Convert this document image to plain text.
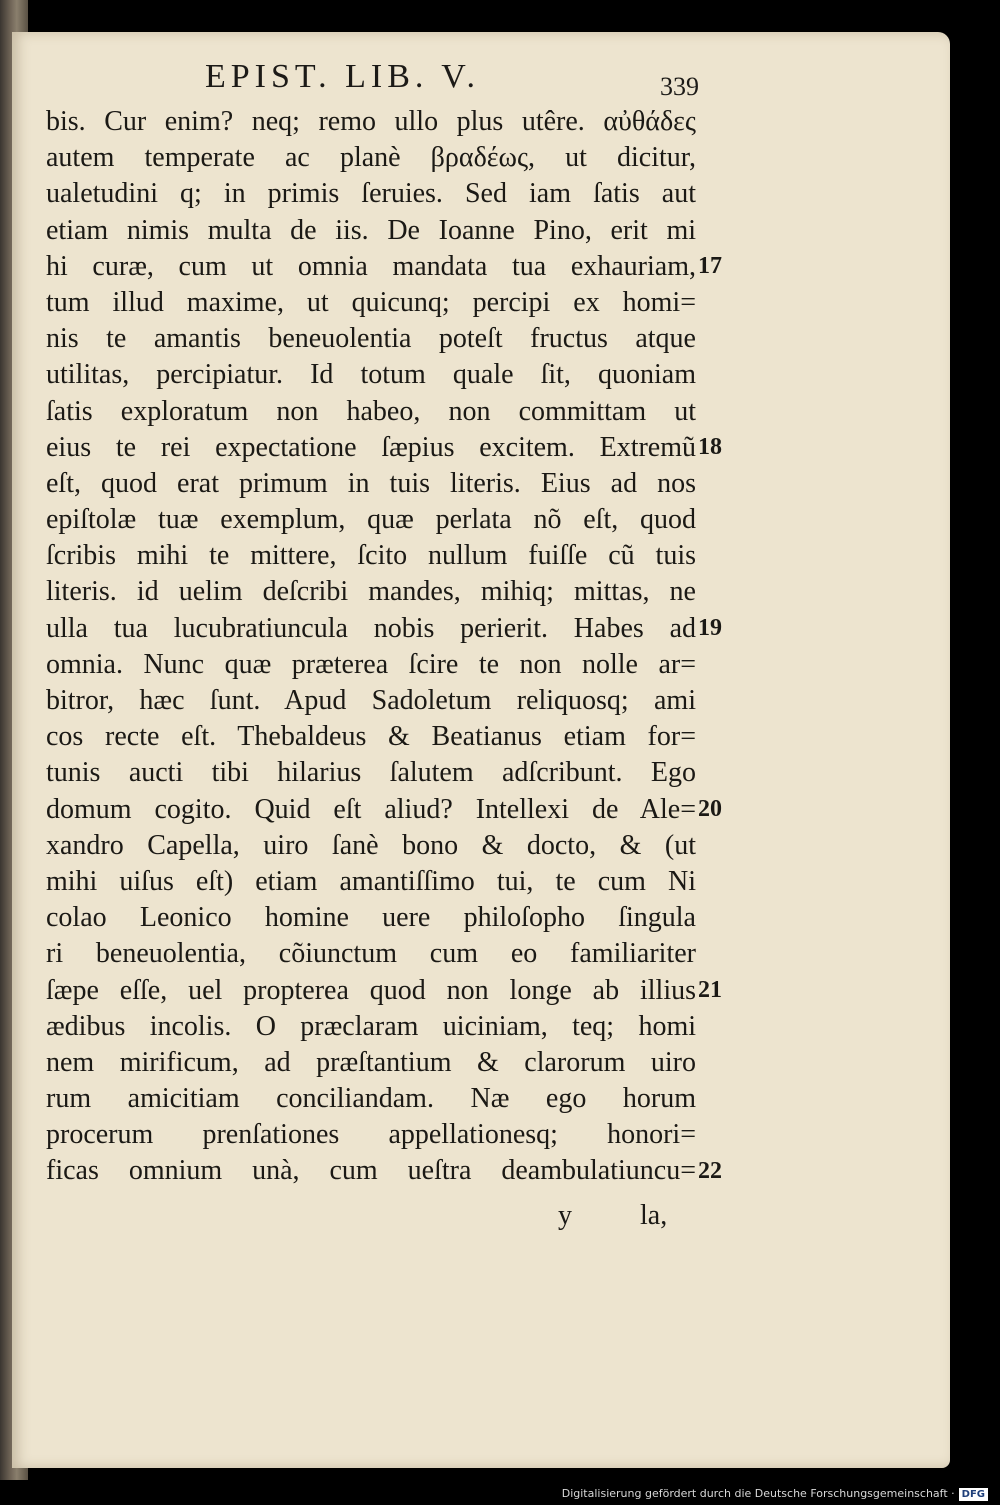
EPIST. LIB. V.	339
bis. Cur enim? neq; remo ullo plus utêre. αὐθάδες
autem temperate ac planè βραδέως, ut dicitur,
ualetudini q; in primis ſeruies. Sed iam ſatis aut
etiam nimis multa de iis. De Ioanne Pino, erit mi
hi curæ, cum ut omnia mandata tua exhauriam,
tum illud maxime, ut quicunq; percipi ex homi=
nis te amantis beneuolentia poteſt fructus atque
utilitas, percipiatur. Id totum quale ſit, quoniam
ſatis exploratum non habeo, non committam ut
eius te rei expectatione ſæpius excitem. Extremũ
eſt, quod erat primum in tuis literis. Eius ad nos
epiſtolæ tuæ exemplum, quæ perlata nõ eſt, quod
ſcribis mihi te mittere, ſcito nullum fuiſſe cũ tuis
literis. id uelim deſcribi mandes, mihiq; mittas, ne
ulla tua lucubratiuncula nobis perierit. Habes ad
omnia. Nunc quæ præterea ſcire te non nolle ar=
bitror, hæc ſunt. Apud Sadoletum reliquosq; ami
cos recte eſt. Thebaldeus & Beatianus etiam for=
tunis aucti tibi hilarius ſalutem adſcribunt. Ego
domum cogito. Quid eſt aliud? Intellexi de Ale=
xandro Capella, uiro ſanè bono & docto, & (ut
mihi uiſus eſt) etiam amantiſſimo tui, te cum Ni
colao Leonico homine uere philoſopho ſingula
ri beneuolentia, cõiunctum cum eo familiariter
ſæpe eſſe, uel propterea quod non longe ab illius
ædibus incolis. O præclaram uiciniam, teq; homi
nem mirificum, ad præſtantium & clarorum uiro
rum amicitiam conciliandam. Næ ego horum
procerum prenſationes appellationesq; honori=
ficas omnium unà, cum ueſtra deambulatiuncu=
17
18
19
20
21
22
y la,
Digitalisierung gefördert durch die Deutsche Forschungsgemeinschaft · DFG
